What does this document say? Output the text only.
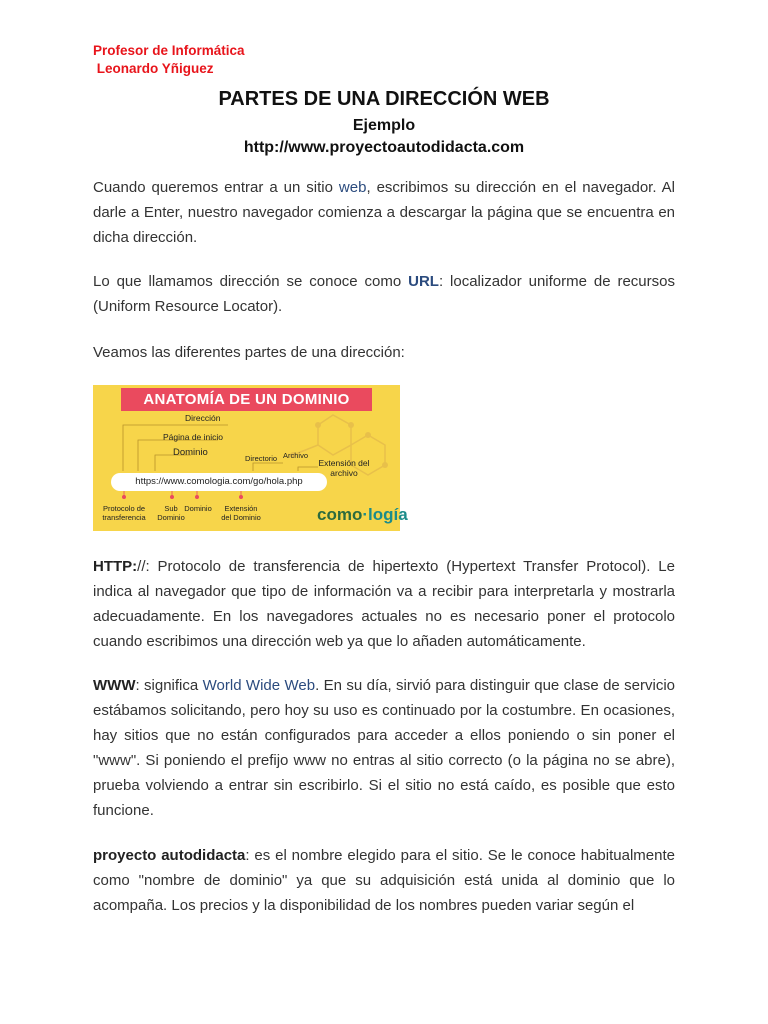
Profesor de Informática
Leonardo Yñiguez
PARTES DE UNA DIRECCIÓN WEB
Ejemplo
http://www.proyectoautodidacta.com

Cuando queremos entrar a un sitio web, escribimos su dirección en el navegador. Al darle a Enter, nuestro navegador comienza a descargar la página que se encuentra en dicha dirección.

Lo que llamamos dirección se conoce como URL: localizador uniforme de recursos (Uniform Resource Locator).

Veamos las diferentes partes de una dirección:

ANATOMÍA DE UN DOMINIO
Dirección
Página de inicio
Dominio
Directorio Archivo
Extensión del archivo
https://www.comologia.com/go/hola.php
Protocolo de transferencia
Sub Dominio
Dominio	Extensión del Dominio	como·logía

HTTP://: Protocolo de transferencia de hipertexto (Hypertext Transfer Protocol). Le indica al navegador que tipo de información va a recibir para interpretarla y mostrarla adecuadamente. En los navegadores actuales no es necesario poner el protocolo cuando escribimos una dirección web ya que lo añaden automáticamente.

WWW: significa World Wide Web. En su día, sirvió para distinguir que clase de servicio estábamos solicitando, pero hoy su uso es continuado por la costumbre. En ocasiones, hay sitios que no están configurados para acceder a ellos poniendo o sin poner el "www". Si poniendo el prefijo www no entras al sitio correcto (o la página no se abre), prueba volviendo a entrar sin escribirlo. Si el sitio no está caído, es posible que esto funcione.

proyecto autodidacta: es el nombre elegido para el sitio. Se le conoce habitualmente como "nombre de dominio" ya que su adquisición está unida al dominio que lo acompaña. Los precios y la disponibilidad de los nombres pueden variar según el
